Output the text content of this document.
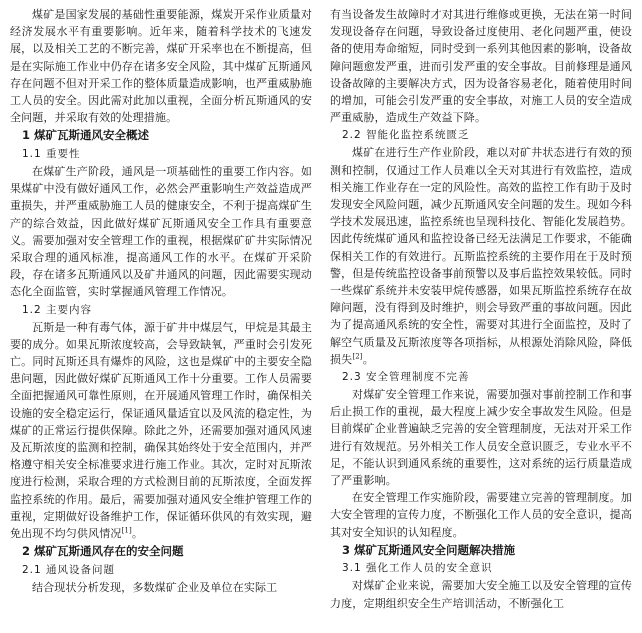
煤矿是国家发展的基础性重要能源，煤炭开采作业质量对经济发展水平有重要影响。近年来，随着科学技术的飞速发展，以及相关工艺的不断完善，煤矿开采率也在不断提高，但是在实际施工作业中仍存在诸多安全风险，其中煤矿瓦斯通风存在问题不但对开采工作的整体质量造成影响，也严重威胁施工人员的安全。因此需对此加以重视，全面分析瓦斯通风的安全问题，并采取有效的处理措施。

1 煤矿瓦斯通风安全概述
1.1 重要性

在煤矿生产阶段，通风是一项基础性的重要工作内容。如果煤矿中没有做好通风工作，必然会严重影响生产效益造成严重损失，并严重威胁施工人员的健康安全，不利于提高煤矿生产的综合效益，因此做好煤矿瓦斯通风安全工作具有重要意义。需要加强对安全管理工作的重视，根据煤矿矿井实际情况采取合理的通风标准，提高通风工作的水平。在煤矿开采阶段，存在诸多瓦斯通风以及矿井通风的问题，因此需要实现动态化全面监管，实时掌握通风管理工作情况。

1.2 主要内容

瓦斯是一种有毒气体，源于矿井中煤层气，甲烷是其最主要的成分。如果瓦斯浓度较高，会导致缺氧，严重时会引发死亡。同时瓦斯还具有爆炸的风险，这也是煤矿中的主要安全隐患问题，因此做好煤矿瓦斯通风工作十分重要。工作人员需要全面把握通风可靠性原则，在开展通风管理工作时，确保相关设施的安全稳定运行，保证通风量适宜以及风流的稳定性，为煤矿的正常运行提供保障。除此之外，还需要加强对通风风速及瓦斯浓度的监测和控制，确保其始终处于安全范围内，并严格遵守相关安全标准要求进行施工作业。其次，定时对瓦斯浓度进行检测，采取合理的方式检测目前的瓦斯浓度，全面发挥监控系统的作用。最后，需要加强对通风安全维护管理工作的重视，定期做好设备维护工作，保证循环供风的有效实现，避免出现不均匀供风情况[1]。

2 煤矿瓦斯通风存在的安全问题
2.1 通风设备问题

结合现状分析发现，多数煤矿企业及单位在实际工

有当设备发生故障时才对其进行维修或更换，无法在第一时间发现设备存在问题，导致设备过度使用、老化问题严重，使设备的使用寿命缩短，同时受到一系列其他因素的影响，设备故障问题愈发严重，进而引发严重的安全事故。目前修理是通风设备故障的主要解决方式，因为设备容易老化，随着使用时间的增加，可能会引发严重的安全事故，对施工人员的安全造成严重威胁，造成生产效益下降。

2.2 智能化监控系统匮乏

煤矿在进行生产作业阶段，难以对矿井状态进行有效的预测和控制，仅通过工作人员难以全天对其进行有效监控，造成相关施工作业存在一定的风险性。高效的监控工作有助于及时发现安全风险问题，减少瓦斯通风安全问题的发生。现如今科学技术发展迅速，监控系统也呈现科技化、智能化发展趋势。因此传统煤矿通风和监控设备已经无法满足工作要求，不能确保相关工作的有效进行。瓦斯监控系统的主要作用在于及时预警，但是传统监控设备事前预警以及事后监控效果较低。同时一些煤矿系统并未安装甲烷传感器，如果瓦斯监控系统存在故障问题，没有得到及时维护，则会导致严重的事故问题。因此为了提高通风系统的安全性，需要对其进行全面监控，及时了解空气质量及瓦斯浓度等各项指标，从根源处消除风险，降低损失[2]。

2.3 安全管理制度不完善

对煤矿安全管理工作来说，需要加强对事前控制工作和事后止损工作的重视，最大程度上减少安全事故发生风险。但是目前煤矿企业普遍缺乏完善的安全管理制度，无法对开采工作进行有效规范。另外相关工作人员安全意识匮乏，专业水平不足，不能认识到通风系统的重要性，这对系统的运行质量造成了严重影响。

在安全管理工作实施阶段，需要建立完善的管理制度。加大安全管理的宣传力度，不断强化工作人员的安全意识，提高其对安全知识的认知程度。

3 煤矿瓦斯通风安全问题解决措施
3.1 强化工作人员的安全意识

对煤矿企业来说，需要加大安全施工以及安全管理的宣传力度，定期组织安全生产培训活动，不断强化工
